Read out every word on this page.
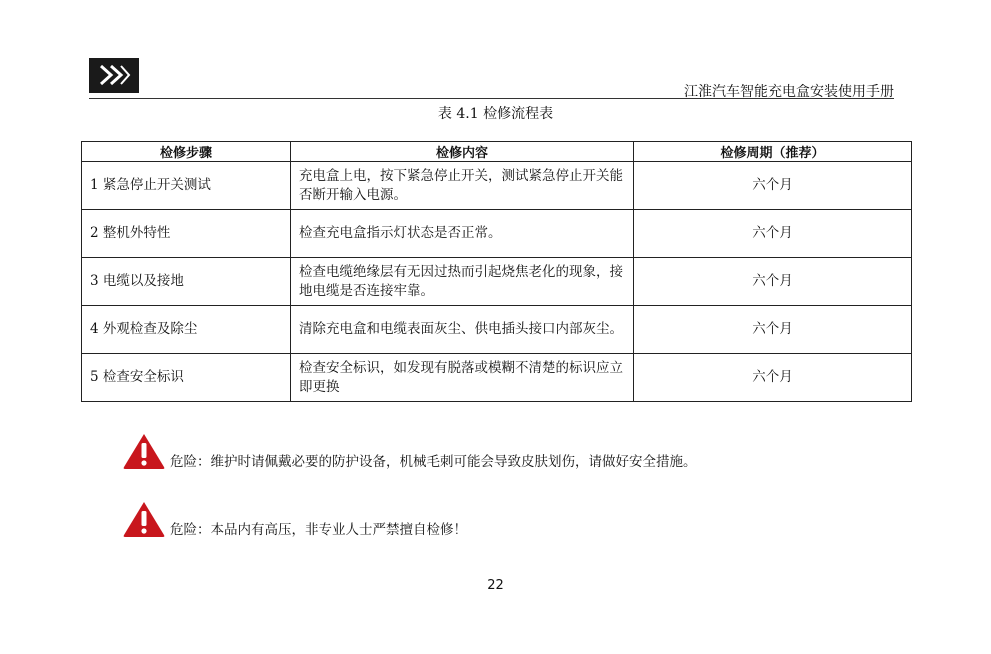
江淮汽车智能充电盒安装使用手册
表 4.1 检修流程表
检修步骤	检修内容	检修周期（推荐）
1 紧急停止开关测试	充电盒上电，按下紧急停止开关，测试紧急停止开关能否断开输入电源。	六个月
2 整机外特性	检查充电盒指示灯状态是否正常。	六个月
3 电缆以及接地	检查电缆绝缘层有无因过热而引起烧焦老化的现象，接地电缆是否连接牢靠。	六个月
4 外观检查及除尘	清除充电盒和电缆表面灰尘、供电插头接口内部灰尘。	六个月
5 检查安全标识	检查安全标识，如发现有脱落或模糊不清楚的标识应立即更换	六个月
危险：维护时请佩戴必要的防护设备，机械毛刺可能会导致皮肤划伤，请做好安全措施。
危险：本品内有高压，非专业人士严禁擅自检修！
22
